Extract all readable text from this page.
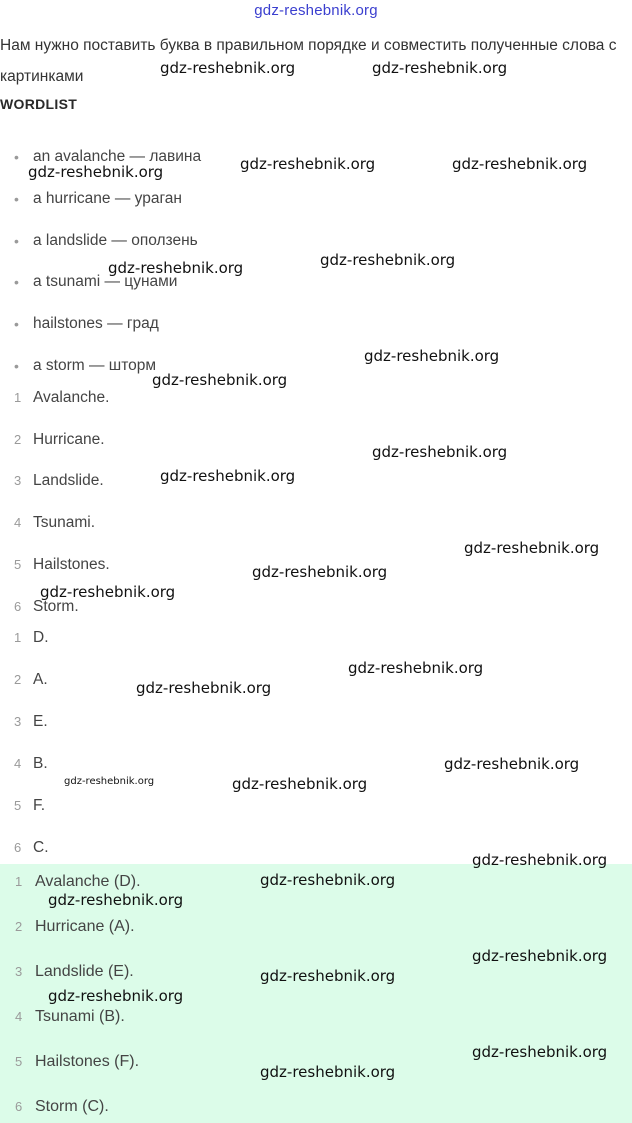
gdz-reshebnik.org
Нам нужно поставить буква в правильном порядке и совместить полученные слова с картинками
WORDLIST
• an avalanche — лавина
• a hurricane — ураган
• a landslide — оползень
• a tsunami — цунами
• hailstones — град
• a storm — шторм
1 Avalanche.
2 Hurricane.
3 Landslide.
4 Tsunami.
5 Hailstones.
6 Storm.
1 D.
2 A.
3 E.
4 B.
5 F.
6 C.
1 Avalanche (D).
2 Hurricane (A).
3 Landslide (E).
4 Tsunami (B).
5 Hailstones (F).
6 Storm (C).
gdz-reshebnik.org	gdz-reshebnik.org
gdz-reshebnik.org	gdz-reshebnik.org	gdz-reshebnik.org
gdz-reshebnik.org	gdz-reshebnik.org
gdz-reshebnik.org
gdz-reshebnik.org
gdz-reshebnik.org
gdz-reshebnik.org
gdz-reshebnik.org
gdz-reshebnik.org
gdz-reshebnik.org
gdz-reshebnik.org
gdz-reshebnik.org
gdz-reshebnik.org
gdz-reshebnik.org	gdz-reshebnik.org
gdz-reshebnik.org
gdz-reshebnik.org
gdz-reshebnik.org
gdz-reshebnik.org
gdz-reshebnik.org
gdz-reshebnik.org
gdz-reshebnik.org
gdz-reshebnik.org
